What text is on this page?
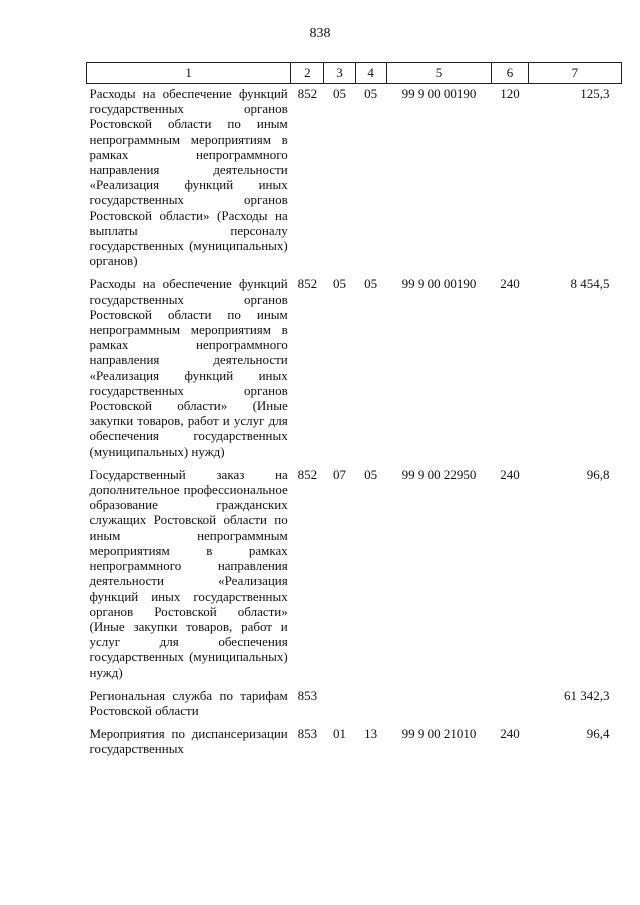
838
1	2	3	4	5	6	7
Расходы на обеспечение функций государственных органов Ростовской области по иным непрограммным мероприятиям в рамках непрограммного направления деятельности «Реализация функций иных государственных органов Ростовской области» (Расходы на выплаты персоналу государственных (муниципальных) органов)	852	05	05	99 9 00 00190	120	125,3
Расходы на обеспечение функций государственных органов Ростовской области по иным непрограммным мероприятиям в рамках непрограммного направления деятельности «Реализация функций иных государственных органов Ростовской области» (Иные закупки товаров, работ и услуг для обеспечения государственных (муниципальных) нужд)	852	05	05	99 9 00 00190	240	8 454,5
Государственный заказ на дополнительное профессиональное образование гражданских служащих Ростовской области по иным непрограммным мероприятиям в рамках непрограммного направления деятельности «Реализация функций иных государственных органов Ростовской области» (Иные закупки товаров, работ и услуг для обеспечения государственных (муниципальных) нужд)	852	07	05	99 9 00 22950	240	96,8
Региональная служба по тарифам Ростовской области	853					61 342,3
Мероприятия по диспансеризации государственных	853	01	13	99 9 00 21010	240	96,4
